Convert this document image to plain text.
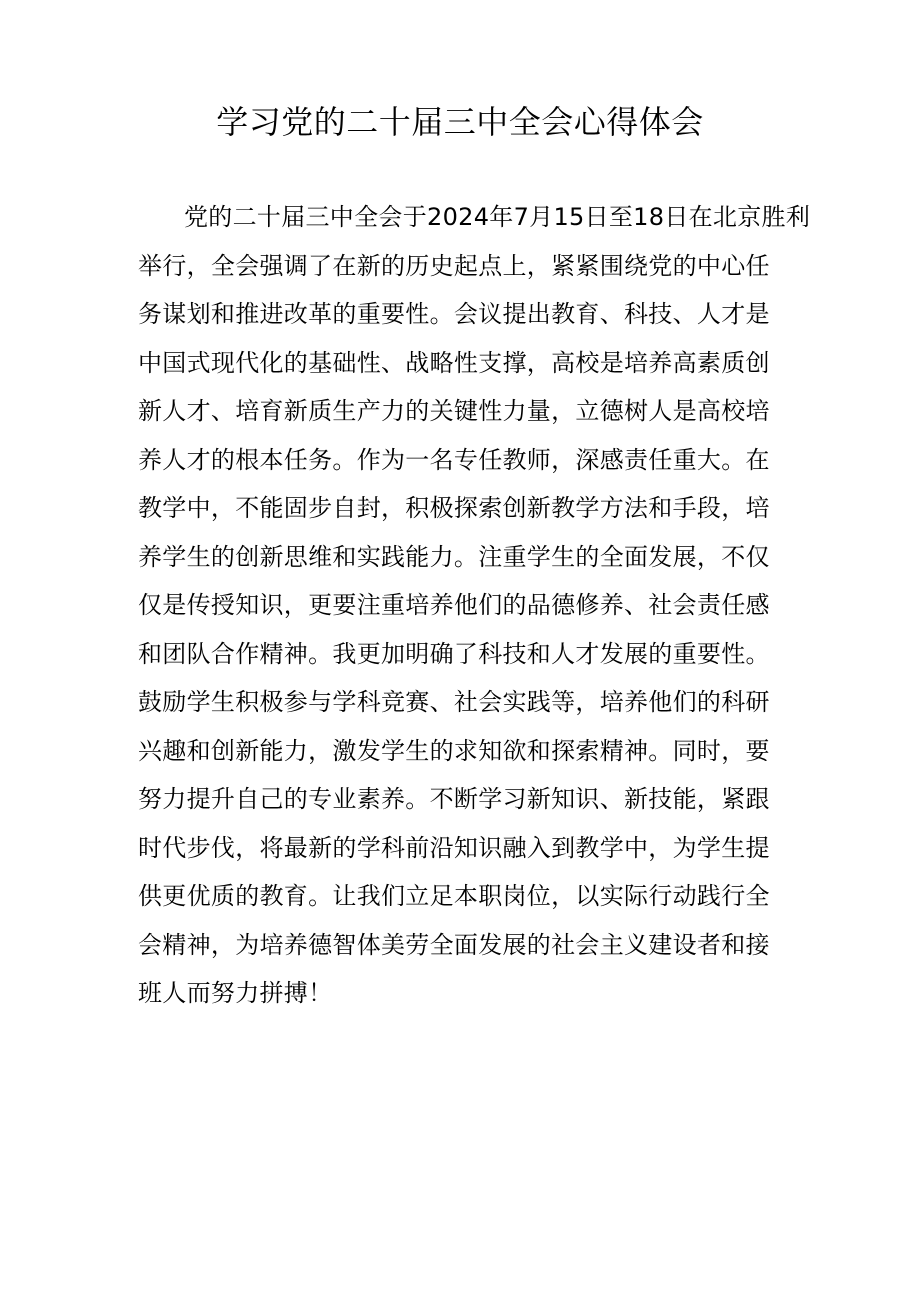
学习党的二十届三中全会心得体会
党的二十届三中全会于2024年7月15日至18日在北京胜利
举行，全会强调了在新的历史起点上，紧紧围绕党的中心任
务谋划和推进改革的重要性。会议提出教育、科技、人才是
中国式现代化的基础性、战略性支撑，高校是培养高素质创
新人才、培育新质生产力的关键性力量，立德树人是高校培
养人才的根本任务。作为一名专任教师，深感责任重大。在
教学中，不能固步自封，积极探索创新教学方法和手段，培
养学生的创新思维和实践能力。注重学生的全面发展，不仅
仅是传授知识，更要注重培养他们的品德修养、社会责任感
和团队合作精神。我更加明确了科技和人才发展的重要性。
鼓励学生积极参与学科竞赛、社会实践等，培养他们的科研
兴趣和创新能力，激发学生的求知欲和探索精神。同时，要
努力提升自己的专业素养。不断学习新知识、新技能，紧跟
时代步伐，将最新的学科前沿知识融入到教学中，为学生提
供更优质的教育。让我们立足本职岗位，以实际行动践行全
会精神，为培养德智体美劳全面发展的社会主义建设者和接
班人而努力拼搏！
